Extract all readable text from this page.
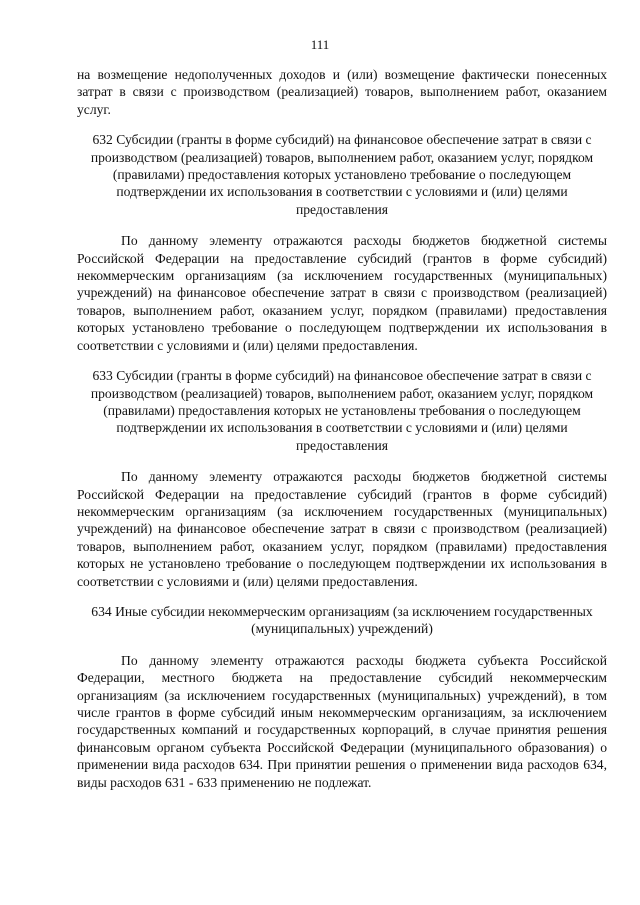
111

на возмещение недополученных доходов и (или) возмещение фактически понесенных затрат в связи с производством (реализацией) товаров, выполнением работ, оказанием услуг.

632 Субсидии (гранты в форме субсидий) на финансовое обеспечение затрат в связи с производством (реализацией) товаров, выполнением работ, оказанием услуг, порядком (правилами) предоставления которых установлено требование о последующем подтверждении их использования в соответствии с условиями и (или) целями предоставления

По данному элементу отражаются расходы бюджетов бюджетной системы Российской Федерации на предоставление субсидий (грантов в форме субсидий) некоммерческим организациям (за исключением государственных (муниципальных) учреждений) на финансовое обеспечение затрат в связи с производством (реализацией) товаров, выполнением работ, оказанием услуг, порядком (правилами) предоставления которых установлено требование о последующем подтверждении их использования в соответствии с условиями и (или) целями предоставления.

633 Субсидии (гранты в форме субсидий) на финансовое обеспечение затрат в связи с производством (реализацией) товаров, выполнением работ, оказанием услуг, порядком (правилами) предоставления которых не установлены требования о последующем подтверждении их использования в соответствии с условиями и (или) целями предоставления

По данному элементу отражаются расходы бюджетов бюджетной системы Российской Федерации на предоставление субсидий (грантов в форме субсидий) некоммерческим организациям (за исключением государственных (муниципальных) учреждений) на финансовое обеспечение затрат в связи с производством (реализацией) товаров, выполнением работ, оказанием услуг, порядком (правилами) предоставления которых не установлено требование о последующем подтверждении их использования в соответствии с условиями и (или) целями предоставления.

634 Иные субсидии некоммерческим организациям (за исключением государственных (муниципальных) учреждений)

По данному элементу отражаются расходы бюджета субъекта Российской Федерации, местного бюджета на предоставление субсидий некоммерческим организациям (за исключением государственных (муниципальных) учреждений), в том числе грантов в форме субсидий иным некоммерческим организациям, за исключением государственных компаний и государственных корпораций, в случае принятия решения финансовым органом субъекта Российской Федерации (муниципального образования) о применении вида расходов 634. При принятии решения о применении вида расходов 634, виды расходов 631 - 633 применению не подлежат.
